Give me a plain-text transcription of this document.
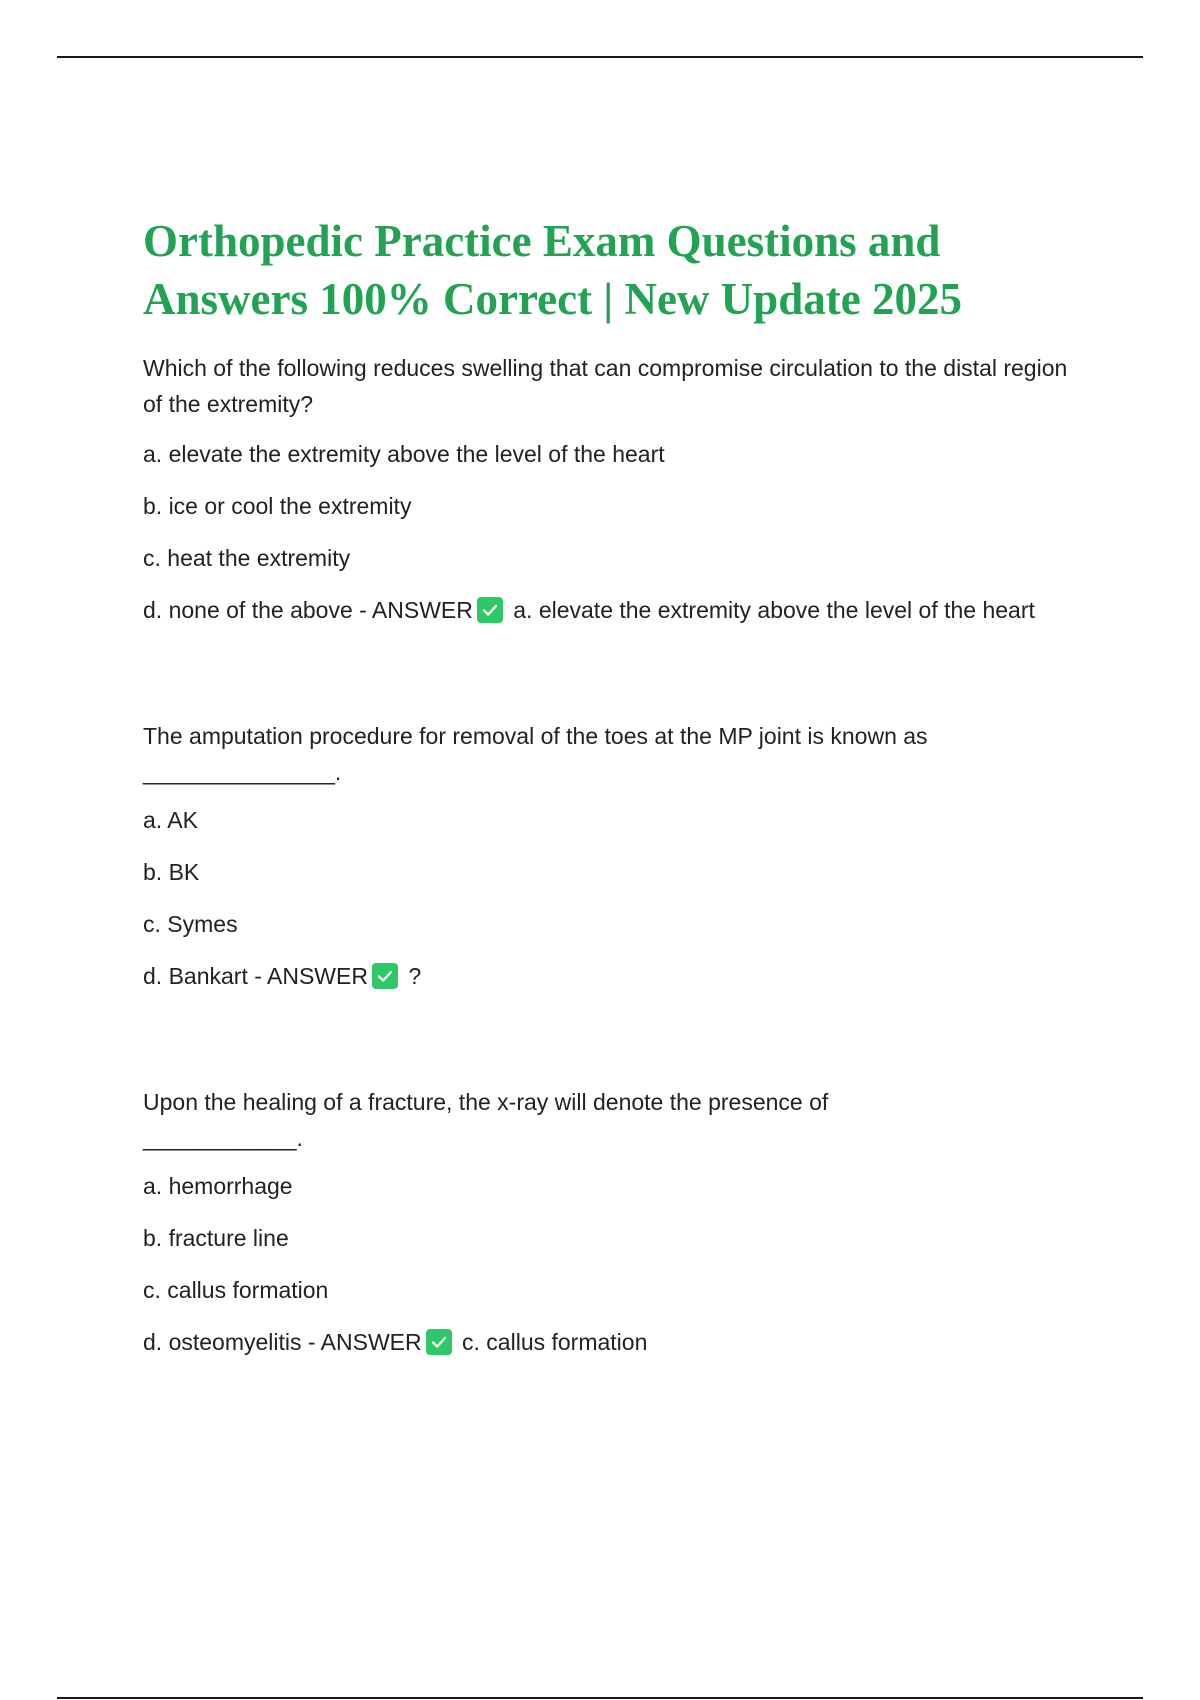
Orthopedic Practice Exam Questions and
Answers 100% Correct | New Update 2025

Which of the following reduces swelling that can compromise circulation to the distal region of the extremity?

a. elevate the extremity above the level of the heart

b. ice or cool the extremity

c. heat the extremity

d. none of the above - ANSWER a. elevate the extremity above the level of the heart

The amputation procedure for removal of the toes at the MP joint is known as

_______________.

a. AK

b. BK

c. Symes

d. Bankart - ANSWER ?

Upon the healing of a fracture, the x-ray will denote the presence of

____________.

a. hemorrhage

b. fracture line

c. callus formation

d. osteomyelitis - ANSWER c. callus formation
